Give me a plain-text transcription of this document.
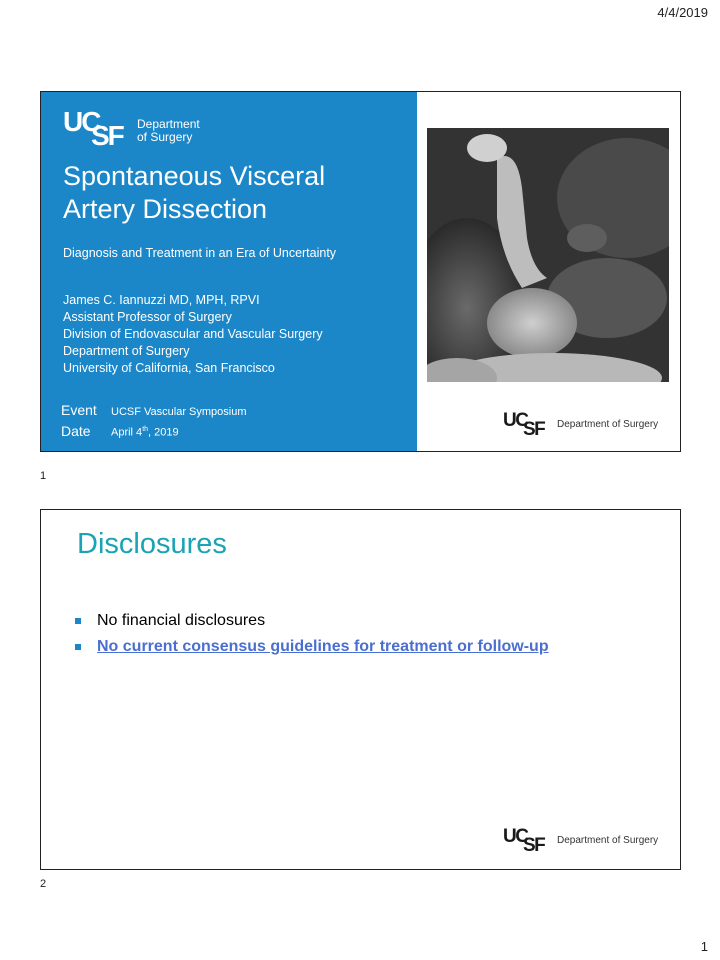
4/4/2019
UC
SF Department
of Surgery
Spontaneous Visceral
Artery Dissection
Diagnosis and Treatment in an Era of Uncertainty
James C. Iannuzzi MD, MPH, RPVI
Assistant Professor of Surgery
Division of Endovascular and Vascular Surgery
Department of Surgery
University of California, San Francisco
Event	UCSF Vascular Symposium
Date	April 4th, 2019
UC
SF Department of Surgery
1
Disclosures
No financial disclosures
No current consensus guidelines for treatment or follow-up
UC
SF Department of Surgery
2
1
